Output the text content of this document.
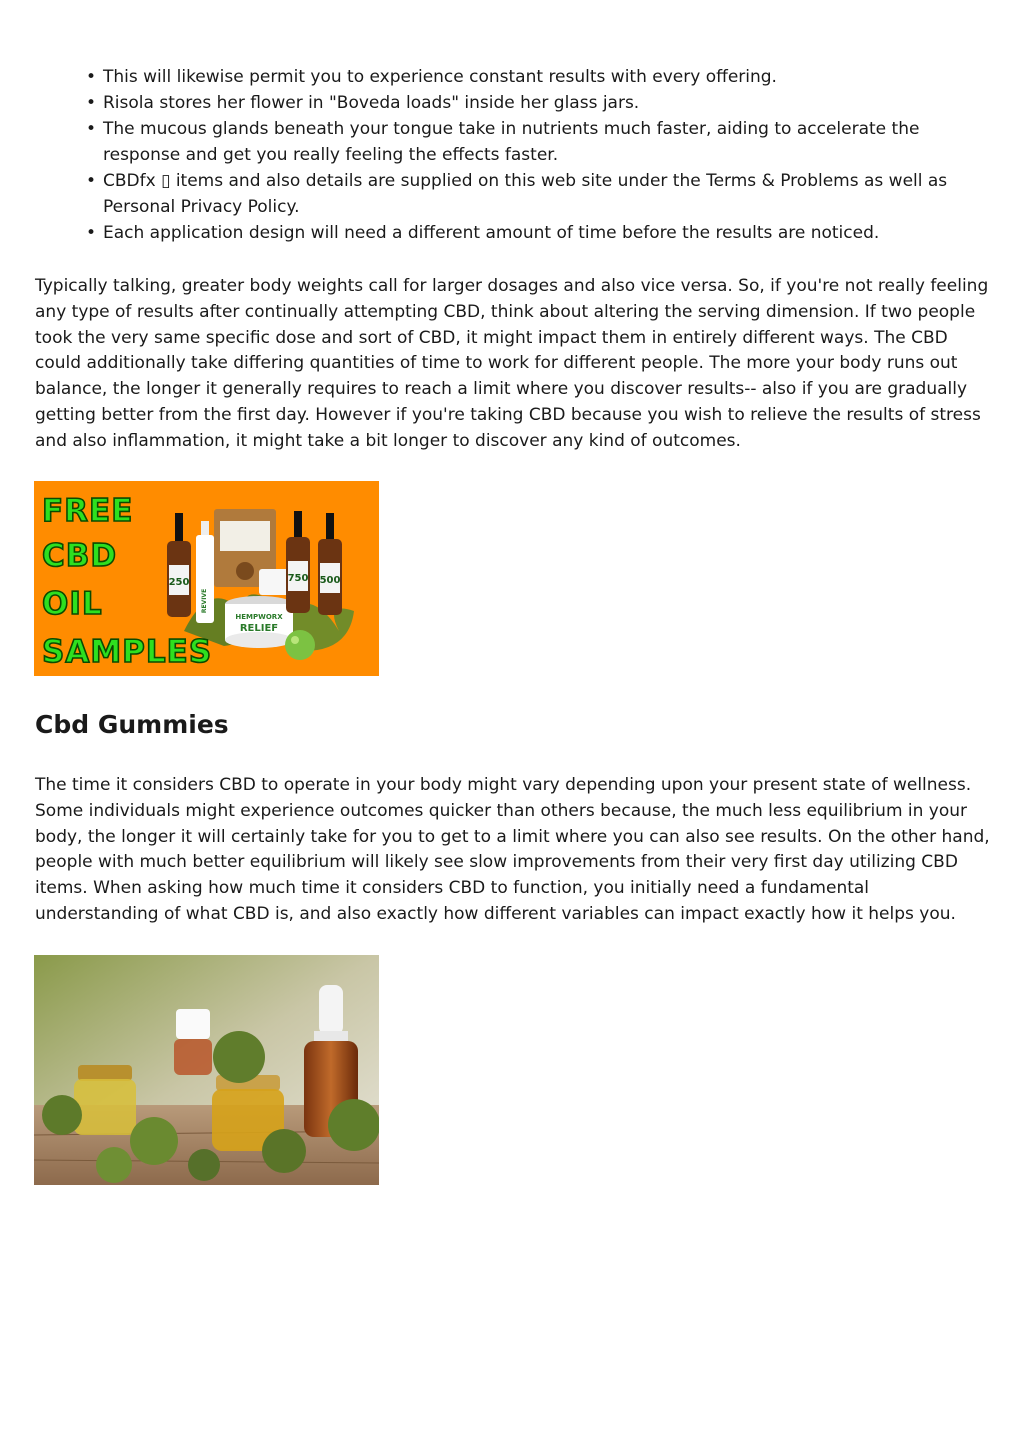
• This will likewise permit you to experience constant results with every offering.
• Risola stores her flower in "Boveda loads" inside her glass jars.
• The mucous glands beneath your tongue take in nutrients much faster, aiding to accelerate the response and get you really feeling the effects faster.
• CBDfx ▯ items and also details are supplied on this web site under the Terms & Problems as well as Personal Privacy Policy.
• Each application design will need a different amount of time before the results are noticed.

Typically talking, greater body weights call for larger dosages and also vice versa. So, if you're not really feeling any type of results after continually attempting CBD, think about altering the serving dimension. If two people took the very same specific dose and sort of CBD, it might impact them in entirely different ways. The CBD could additionally take differing quantities of time to work for different people. The more your body runs out balance, the longer it generally requires to reach a limit where you discover results-- also if you are gradually getting better from the first day. However if you're taking CBD because you wish to relieve the results of stress and also inflammation, it might take a bit longer to discover any kind of outcomes.

250
REVIVE
HEMPWORX
RELIEF
750 500
FREE
CBD
OIL
SAMPLES
Cbd Gummies

The time it considers CBD to operate in your body might vary depending upon your present state of wellness. Some individuals might experience outcomes quicker than others because, the much less equilibrium in your body, the longer it will certainly take for you to get to a limit where you can also see results. On the other hand, people with much better equilibrium will likely see slow improvements from their very first day utilizing CBD items. When asking how much time it considers CBD to function, you initially need a fundamental understanding of what CBD is, and also exactly how different variables can impact exactly how it helps you.
